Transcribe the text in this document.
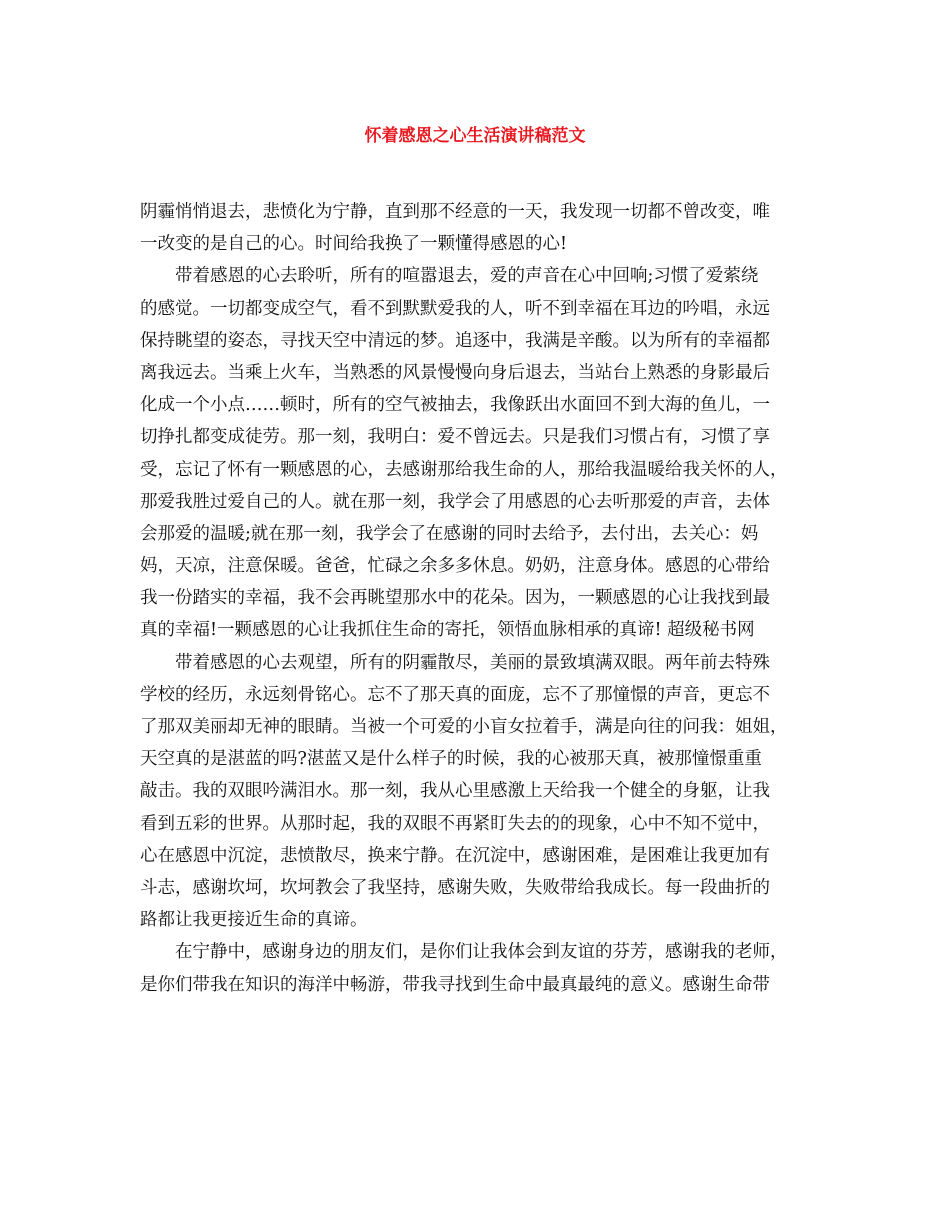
怀着感恩之心生活演讲稿范文
阴霾悄悄退去，悲愤化为宁静，直到那不经意的一天，我发现一切都不曾改变，唯
一改变的是自己的心。时间给我换了一颗懂得感恩的心!
带着感恩的心去聆听，所有的喧嚣退去，爱的声音在心中回响;习惯了爱萦绕
的感觉。一切都变成空气，看不到默默爱我的人，听不到幸福在耳边的吟唱，永远
保持眺望的姿态，寻找天空中清远的梦。追逐中，我满是辛酸。以为所有的幸福都
离我远去。当乘上火车，当熟悉的风景慢慢向身后退去，当站台上熟悉的身影最后
化成一个小点……顿时，所有的空气被抽去，我像跃出水面回不到大海的鱼儿，一
切挣扎都变成徒劳。那一刻，我明白：爱不曾远去。只是我们习惯占有，习惯了享
受，忘记了怀有一颗感恩的心，去感谢那给我生命的人，那给我温暖给我关怀的人，
那爱我胜过爱自己的人。就在那一刻，我学会了用感恩的心去听那爱的声音，去体
会那爱的温暖;就在那一刻，我学会了在感谢的同时去给予，去付出，去关心：妈
妈，天凉，注意保暖。爸爸，忙碌之余多多休息。奶奶，注意身体。感恩的心带给
我一份踏实的幸福，我不会再眺望那水中的花朵。因为，一颗感恩的心让我找到最
真的幸福!一颗感恩的心让我抓住生命的寄托，领悟血脉相承的真谛! 超级秘书网
带着感恩的心去观望，所有的阴霾散尽，美丽的景致填满双眼。两年前去特殊
学校的经历，永远刻骨铭心。忘不了那天真的面庞，忘不了那憧憬的声音，更忘不
了那双美丽却无神的眼睛。当被一个可爱的小盲女拉着手，满是向往的问我：姐姐，
天空真的是湛蓝的吗?湛蓝又是什么样子的时候，我的心被那天真，被那憧憬重重
敲击。我的双眼吟满泪水。那一刻，我从心里感激上天给我一个健全的身躯，让我
看到五彩的世界。从那时起，我的双眼不再紧盯失去的的现象，心中不知不觉中，
心在感恩中沉淀，悲愤散尽，换来宁静。在沉淀中，感谢困难，是困难让我更加有
斗志，感谢坎坷，坎坷教会了我坚持，感谢失败，失败带给我成长。每一段曲折的
路都让我更接近生命的真谛。
在宁静中，感谢身边的朋友们，是你们让我体会到友谊的芬芳，感谢我的老师，
是你们带我在知识的海洋中畅游，带我寻找到生命中最真最纯的意义。感谢生命带
